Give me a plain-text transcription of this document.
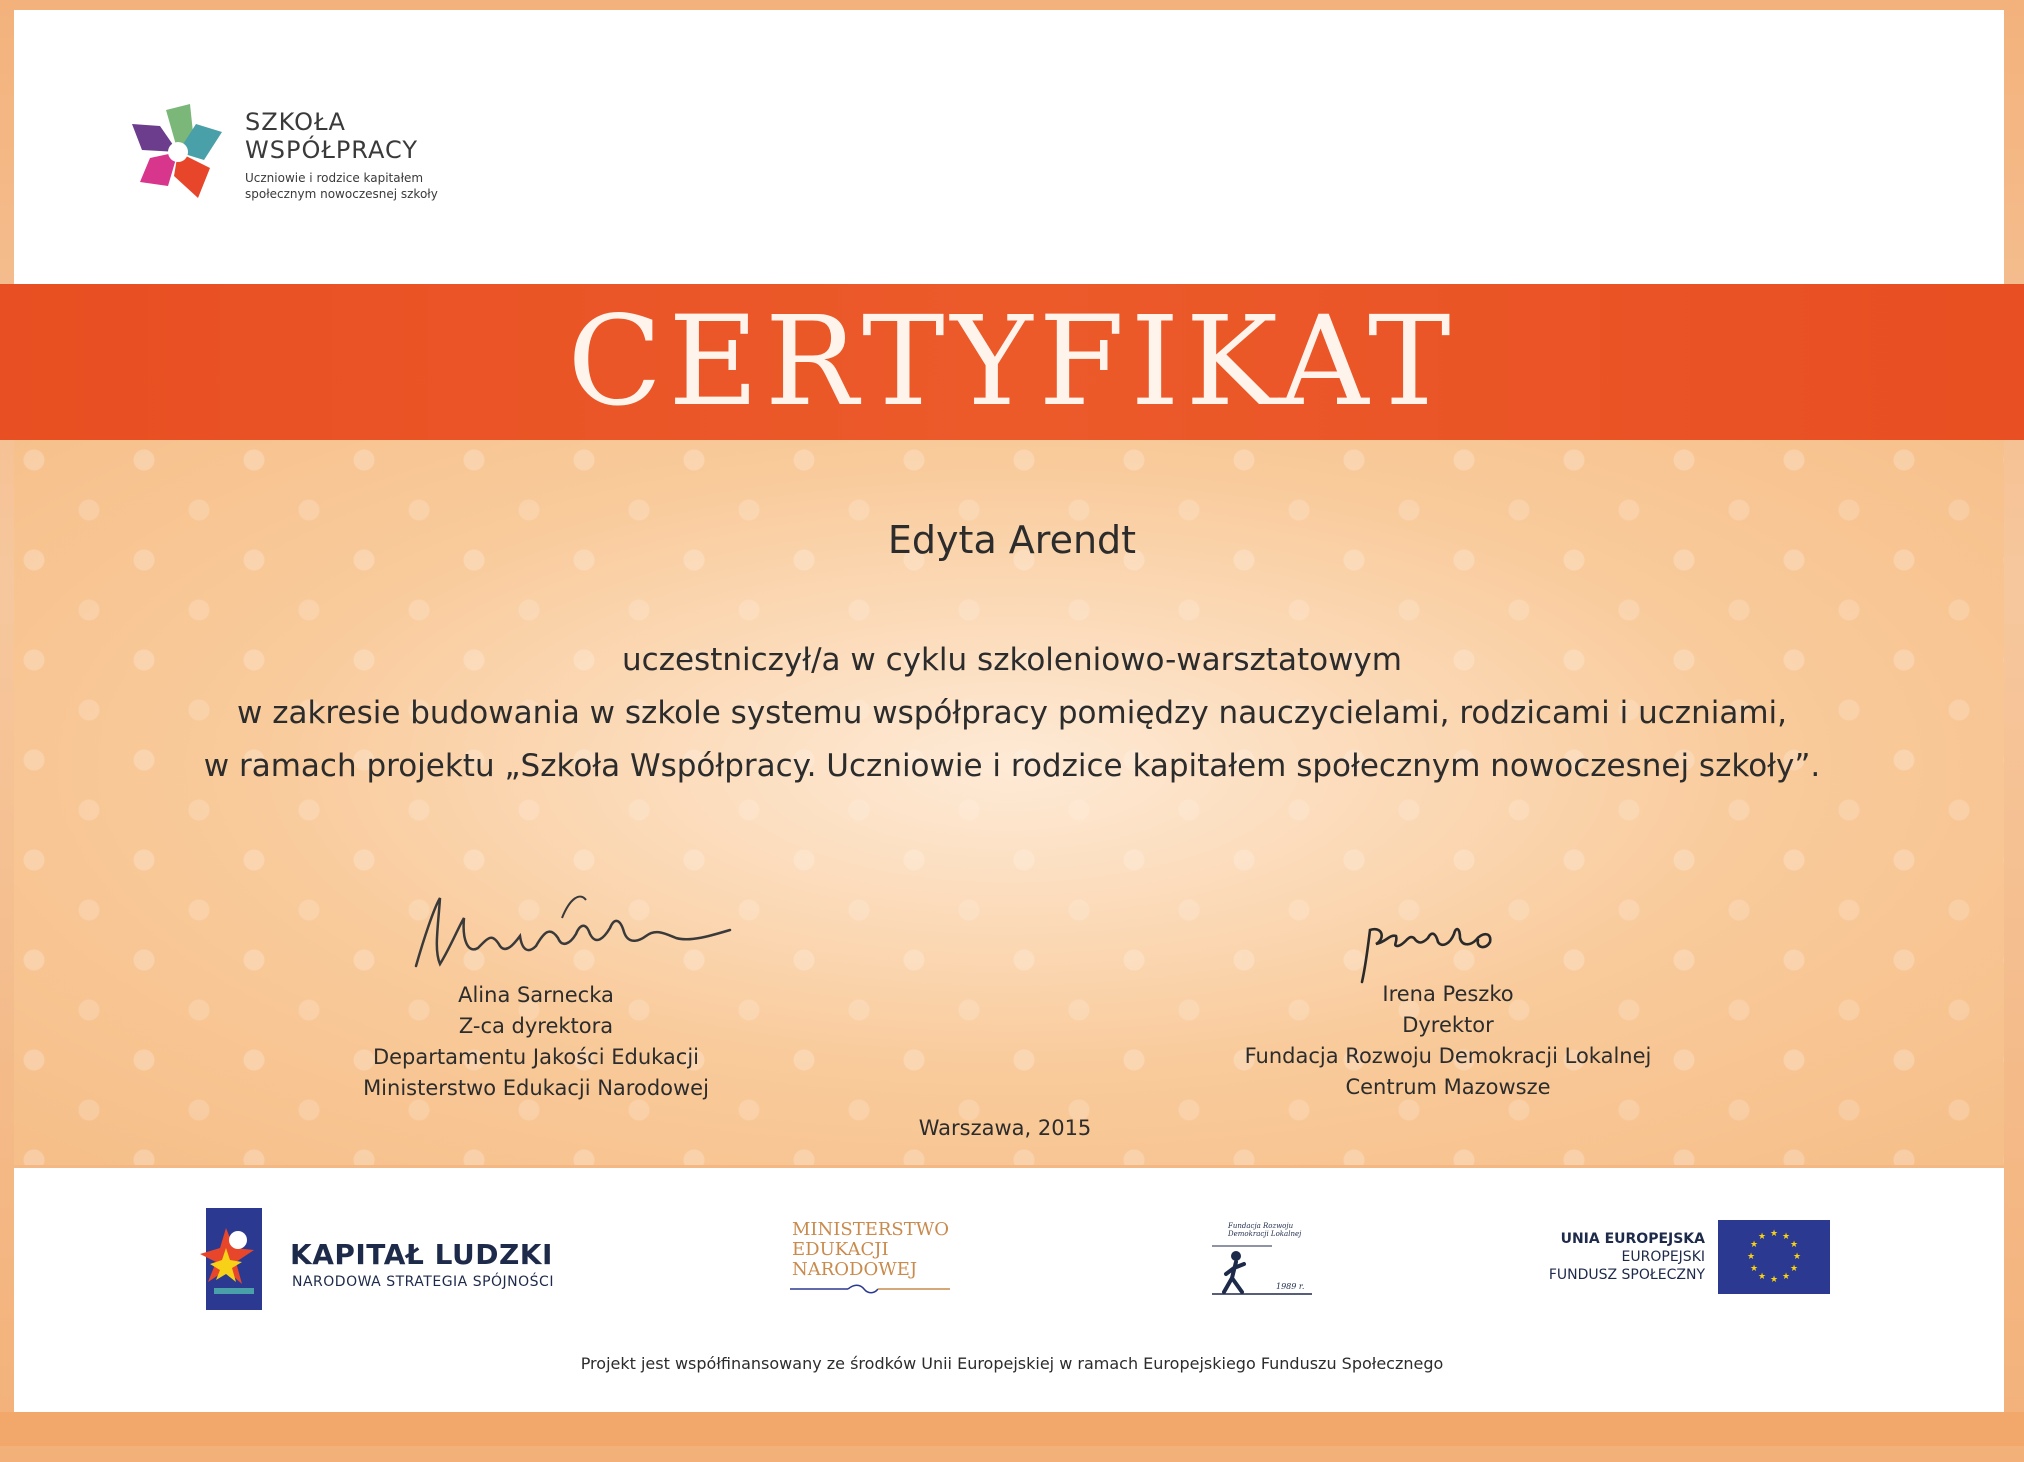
CERTYFIKAT
SZKOŁA
WSPÓŁPRACY
Uczniowie i rodzice kapitałem
społecznym nowoczesnej szkoły
Edyta Arendt
uczestniczył/a w cyklu szkoleniowo-warsztatowym
w zakresie budowania w szkole systemu współpracy pomiędzy nauczycielami, rodzicami i uczniami,
w ramach projektu „Szkoła Współpracy. Uczniowie i rodzice kapitałem społecznym nowoczesnej szkoły”.
Alina Sarnecka
Z-ca dyrektora
Departamentu Jakości Edukacji
Ministerstwo Edukacji Narodowej
Irena Peszko
Dyrektor
Fundacja Rozwoju Demokracji Lokalnej
Centrum Mazowsze
Warszawa, 2015
KAPITAŁ LUDZKI
NARODOWA STRATEGIA SPÓJNOŚCI
MINISTERSTWO
EDUKACJI
NARODOWEJ
Fundacja Rozwoju
Demokracji Lokalnej
1989 r.
UNIA EUROPEJSKA
EUROPEJSKI
FUNDUSZ SPOŁECZNY
★ ★
★
★
★
★
★
★
★
★
★
★
Projekt jest współfinansowany ze środków Unii Europejskiej w ramach Europejskiego Funduszu Społecznego
